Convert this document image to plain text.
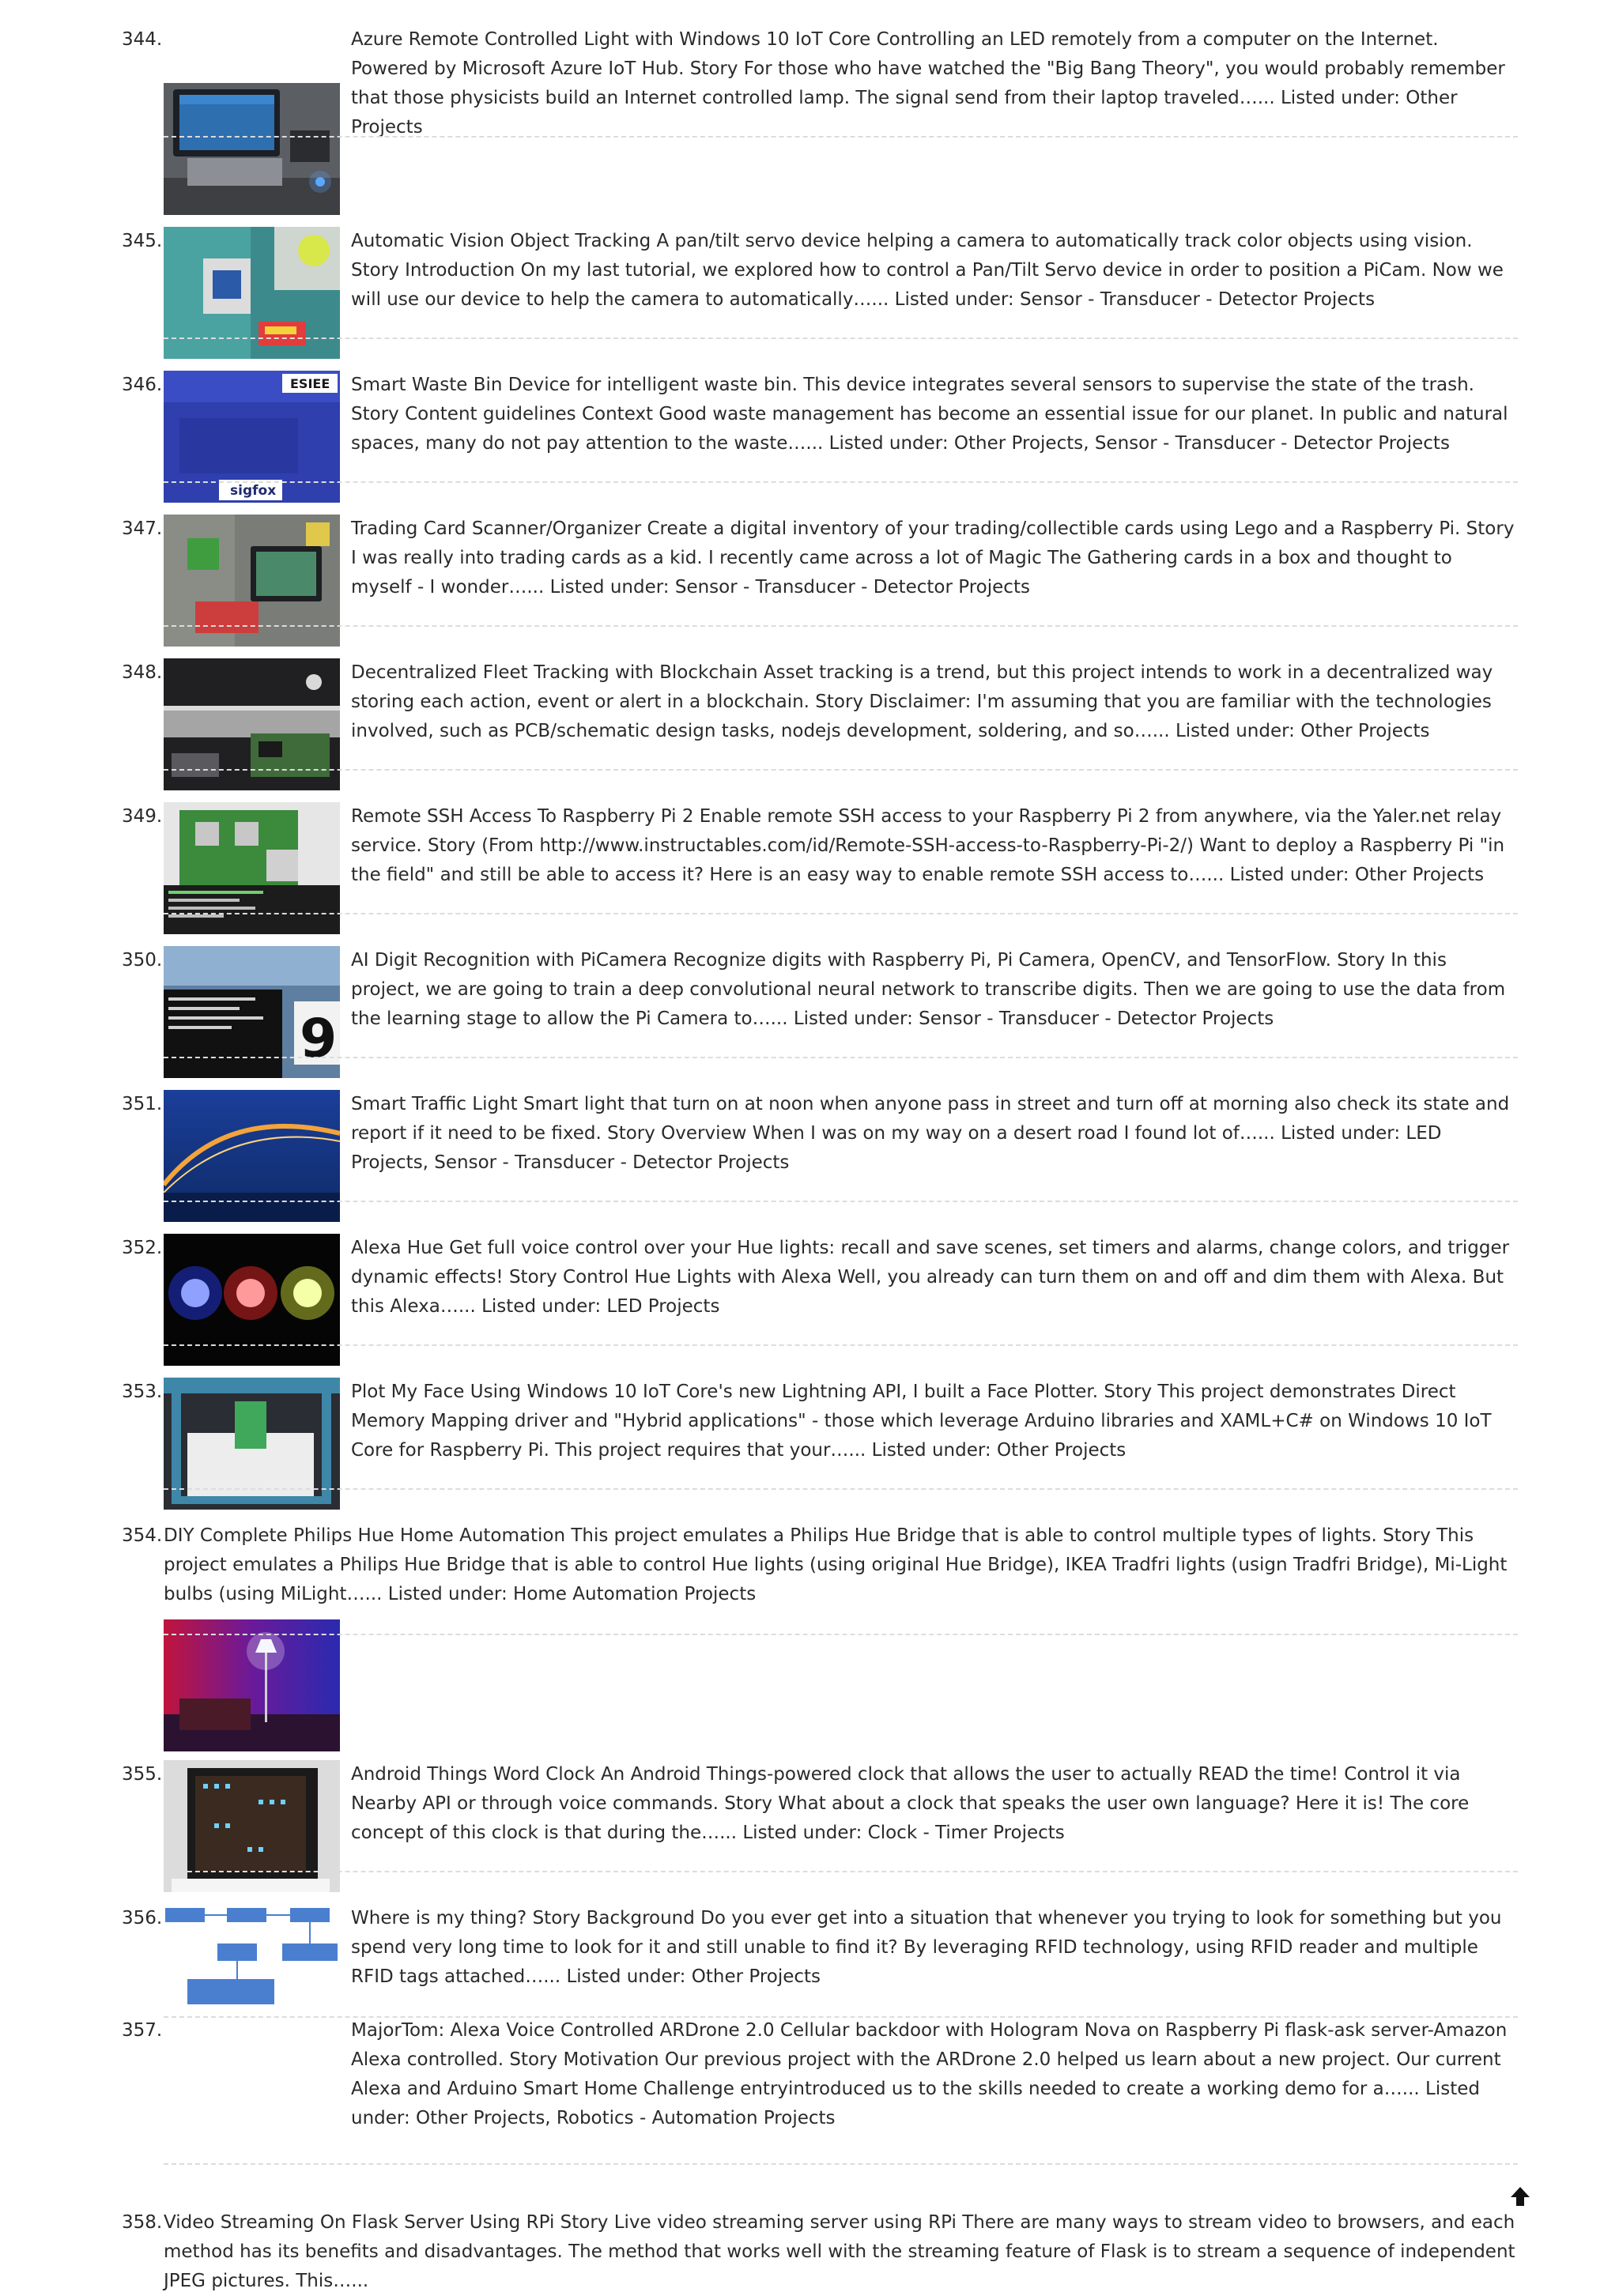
344.	Azure Remote Controlled Light with Windows 10 IoT Core Controlling an LED remotely from a computer on the Internet. Powered by Microsoft Azure IoT Hub. Story For those who have watched the "Big Bang Theory", you would probably remember that those physicists build an Internet controlled lamp. The signal send from their laptop traveled…... Listed under: Other Projects

345.	Automatic Vision Object Tracking A pan/tilt servo device helping a camera to automatically track color objects using vision. Story Introduction On my last tutorial, we explored how to control a Pan/Tilt Servo device in order to position a PiCam. Now we will use our device to help the camera to automatically…... Listed under: Sensor - Transducer - Detector Projects

346.	Smart Waste Bin Device for intelligent waste bin. This device integrates several sensors to supervise the state of the trash. Story Content guidelines Context Good waste management has become an essential issue for our planet. In public and natural spaces, many do not pay attention to the waste…... Listed under: Other Projects, Sensor - Transducer - Detector Projects

ESIEE
sigfox
347.	Trading Card Scanner/Organizer Create a digital inventory of your trading/collectible cards using Lego and a Raspberry Pi. Story I was really into trading cards as a kid. I recently came across a lot of Magic The Gathering cards in a box and thought to myself - I wonder…... Listed under: Sensor - Transducer - Detector Projects

348.	Decentralized Fleet Tracking with Blockchain Asset tracking is a trend, but this project intends to work in a decentralized way storing each action, event or alert in a blockchain. Story Disclaimer: I'm assuming that you are familiar with the technologies involved, such as PCB/schematic design tasks, nodejs development, soldering, and so…... Listed under: Other Projects

349.	Remote SSH Access To Raspberry Pi 2 Enable remote SSH access to your Raspberry Pi 2 from anywhere, via the Yaler.net relay service. Story (From http://www.instructables.com/id/Remote-SSH-access-to-Raspberry-Pi-2/) Want to deploy a Raspberry Pi "in the field" and still be able to access it? Here is an easy way to enable remote SSH access to…... Listed under: Other Projects

350.	AI Digit Recognition with PiCamera Recognize digits with Raspberry Pi, Pi Camera, OpenCV, and TensorFlow. Story In this project, we are going to train a deep convolutional neural network to transcribe digits. Then we are going to use the data from the learning stage to allow the Pi Camera to…... Listed under: Sensor - Transducer - Detector Projects

9
351.	Smart Traffic Light Smart light that turn on at noon when anyone pass in street and turn off at morning also check its state and report if it need to be fixed. Story Overview When I was on my way on a desert road I found lot of…... Listed under: LED Projects, Sensor - Transducer - Detector Projects

352.	Alexa Hue Get full voice control over your Hue lights: recall and save scenes, set timers and alarms, change colors, and trigger dynamic effects! Story Control Hue Lights with Alexa Well, you already can turn them on and off and dim them with Alexa. But this Alexa…... Listed under: LED Projects

353.	Plot My Face Using Windows 10 IoT Core's new Lightning API, I built a Face Plotter. Story This project demonstrates Direct Memory Mapping driver and "Hybrid applications" - those which leverage Arduino libraries and XAML+C# on Windows 10 IoT Core for Raspberry Pi. This project requires that your…... Listed under: Other Projects

354. DIY Complete Philips Hue Home Automation This project emulates a Philips Hue Bridge that is able to control multiple types of lights. Story This project emulates a Philips Hue Bridge that is able to control Hue lights (using original Hue Bridge), IKEA Tradfri lights (usign Tradfri Bridge), Mi-Light bulbs (using MiLight…... Listed under: Home Automation Projects

355.	Android Things Word Clock An Android Things-powered clock that allows the user to actually READ the time! Control it via Nearby API or through voice commands. Story What about a clock that speaks the user own language? Here it is! The core concept of this clock is that during the…... Listed under: Clock - Timer Projects

356.	Where is my thing? Story Background Do you ever get into a situation that whenever you trying to look for something but you spend very long time to look for it and still unable to find it? By leveraging RFID technology, using RFID reader and multiple RFID tags attached…... Listed under: Other Projects

357.	MajorTom: Alexa Voice Controlled ARDrone 2.0 Cellular backdoor with Hologram Nova on Raspberry Pi flask-ask server-Amazon Alexa controlled. Story Motivation Our previous project with the ARDrone 2.0 helped us learn about a new project. Our current Alexa and Arduino Smart Home Challenge entryintroduced us to the skills needed to create a working demo for a…... Listed under: Other Projects, Robotics - Automation Projects

358. Video Streaming On Flask Server Using RPi Story Live video streaming server using RPi There are many ways to stream video to browsers, and each method has its benefits and disadvantages. The method that works well with the streaming feature of Flask is to stream a sequence of independent JPEG pictures. This…...
